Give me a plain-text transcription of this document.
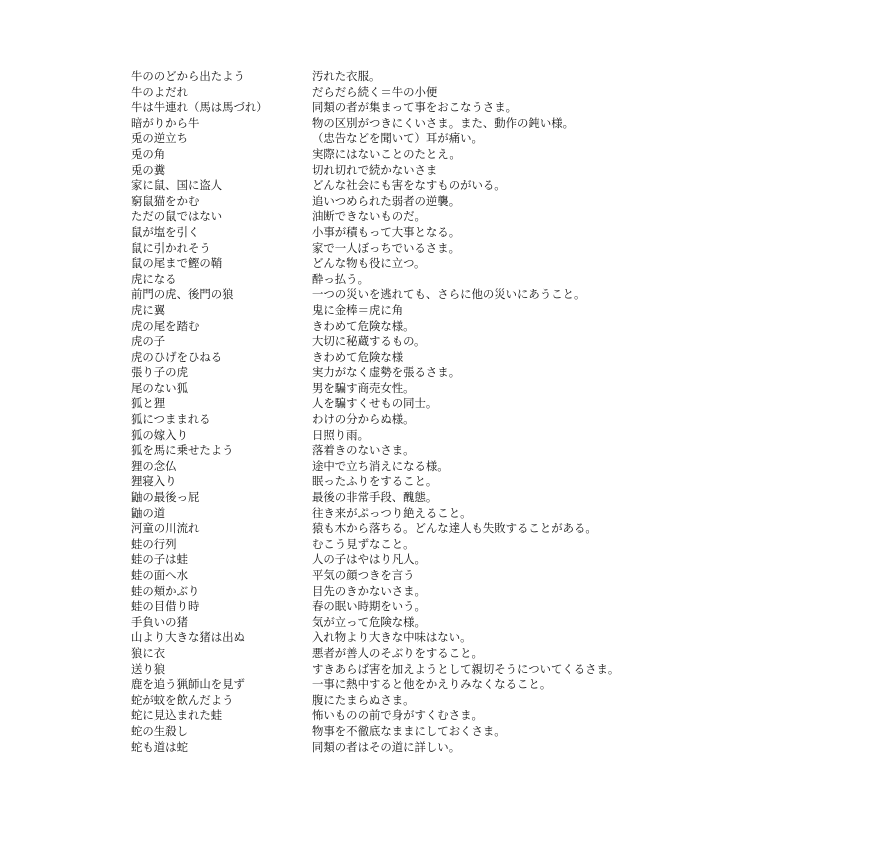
牛ののどから出たよう	汚れた衣服。
牛のよだれ	だらだら続く＝牛の小便
牛は牛連れ（馬は馬づれ）	同類の者が集まって事をおこなうさま。
暗がりから牛	物の区別がつきにくいさま。また、動作の鈍い様。
兎の逆立ち	（忠告などを聞いて）耳が痛い。
兎の角	実際にはないことのたとえ。
兎の糞	切れ切れで続かないさま
家に鼠、国に盗人	どんな社会にも害をなすものがいる。
窮鼠猫をかむ	追いつめられた弱者の逆襲。
ただの鼠ではない	油断できないものだ。
鼠が塩を引く	小事が積もって大事となる。
鼠に引かれそう	家で一人ぼっちでいるさま。
鼠の尾まで鰹の鞘	どんな物も役に立つ。
虎になる	酔っ払う。
前門の虎、後門の狼	一つの災いを逃れても、さらに他の災いにあうこと。
虎に翼	鬼に金棒＝虎に角
虎の尾を踏む	きわめて危険な様。
虎の子	大切に秘蔵するもの。
虎のひげをひねる	きわめて危険な様
張り子の虎	実力がなく虚勢を張るさま。
尾のない狐	男を騙す商売女性。
狐と狸	人を騙すくせもの同士。
狐につままれる	わけの分からぬ様。
狐の嫁入り	日照り雨。
狐を馬に乗せたよう	落着きのないさま。
狸の念仏	途中で立ち消えになる様。
狸寝入り	眠ったふりをすること。
鼬の最後っ屁	最後の非常手段、醜態。
鼬の道	往き来がぷっつり絶えること。
河童の川流れ	猿も木から落ちる。どんな達人も失敗することがある。
蛙の行列	むこう見ずなこと。
蛙の子は蛙	人の子はやはり凡人。
蛙の面へ水	平気の顔つきを言う
蛙の頬かぶり	目先のきかないさま。
蛙の目借り時	春の眠い時期をいう。
手負いの猪	気が立って危険な様。
山より大きな猪は出ぬ	入れ物より大きな中味はない。
狼に衣	悪者が善人のそぶりをすること。
送り狼	すきあらば害を加えようとして親切そうについてくるさま。
鹿を追う猟師山を見ず	一事に熱中すると他をかえりみなくなること。
蛇が蚊を飲んだよう	腹にたまらぬさま。
蛇に見込まれた蛙	怖いものの前で身がすくむさま。
蛇の生殺し	物事を不徹底なままにしておくさま。
蛇も道は蛇	同類の者はその道に詳しい。
